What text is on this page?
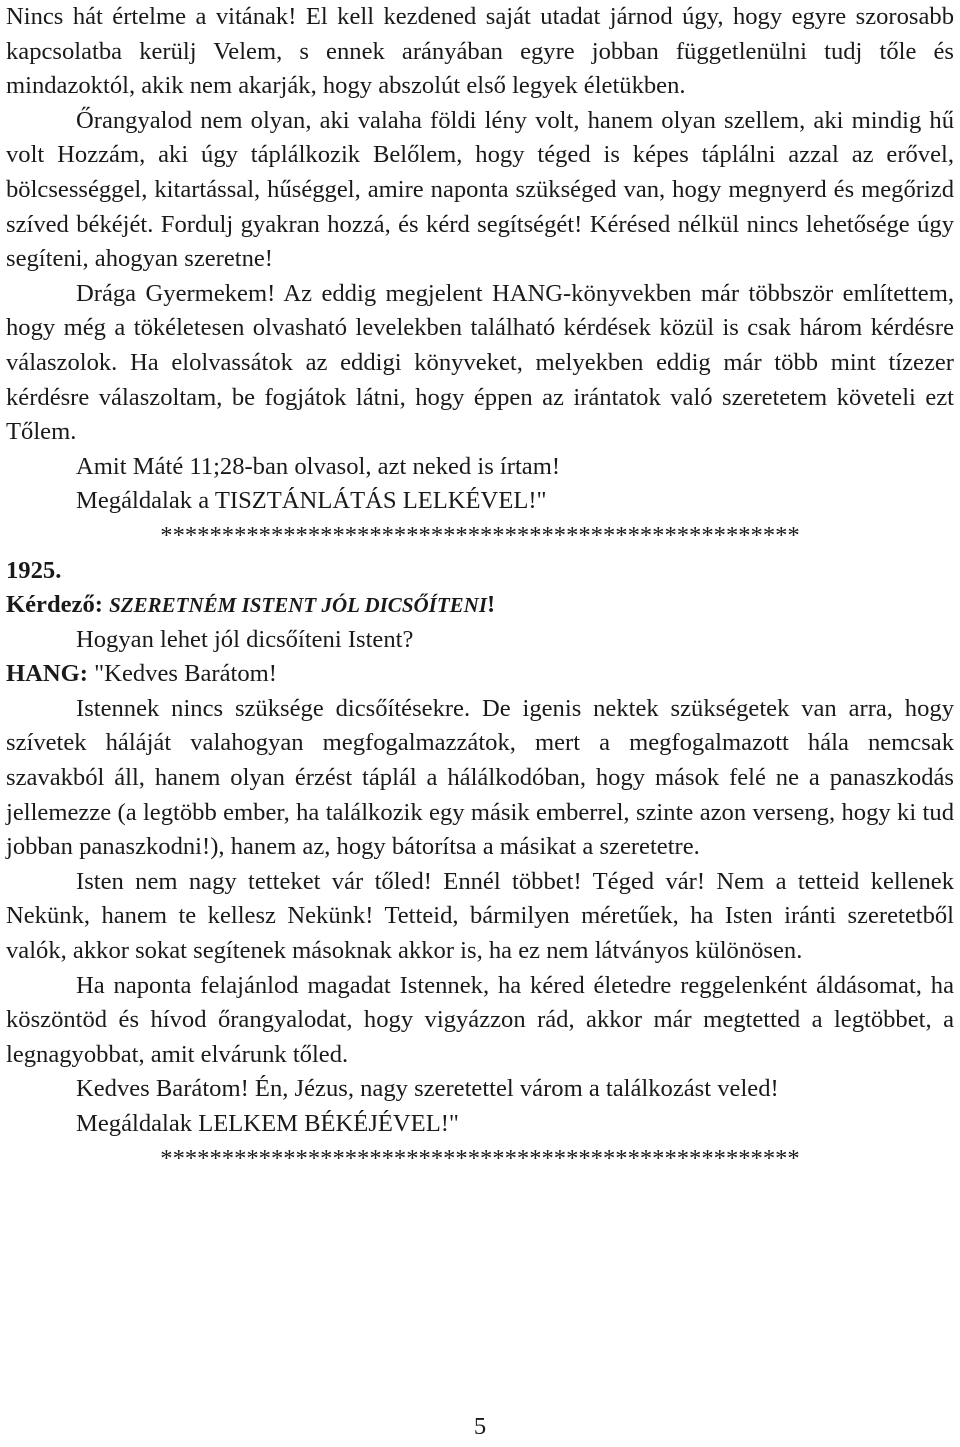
Nincs hát értelme a vitának! El kell kezdened saját utadat járnod úgy, hogy egyre szorosabb kapcsolatba kerülj Velem, s ennek arányában egyre jobban függetlenülni tudj tőle és mindazoktól, akik nem akarják, hogy abszolút első legyek életükben.

Őrangyalod nem olyan, aki valaha földi lény volt, hanem olyan szellem, aki mindig hű volt Hozzám, aki úgy táplálkozik Belőlem, hogy téged is képes táplálni azzal az erővel, bölcsességgel, kitartással, hűséggel, amire naponta szükséged van, hogy megnyerd és megőrizd szíved békéjét. Fordulj gyakran hozzá, és kérd segítségét! Kérésed nélkül nincs lehetősége úgy segíteni, ahogyan szeretne!

Drága Gyermekem! Az eddig megjelent HANG-könyvekben már többször említettem, hogy még a tökéletesen olvasható levelekben található kérdések közül is csak három kérdésre válaszolok. Ha elolvassátok az eddigi könyveket, melyekben eddig már több mint tízezer kérdésre válaszoltam, be fogjátok látni, hogy éppen az irántatok való szeretetem követeli ezt Tőlem.

Amit Máté 11;28-ban olvasol, azt neked is írtam!

Megáldalak a TISZTÁNLÁTÁS LELKÉVEL!"

****************************************************

1925.

Kérdező: SZERETNÉM ISTENT JÓL DICSŐÍTENI!

Hogyan lehet jól dicsőíteni Istent?

HANG: "Kedves Barátom!

Istennek nincs szüksége dicsőítésekre. De igenis nektek szükségetek van arra, hogy szívetek háláját valahogyan megfogalmazzátok, mert a megfogalmazott hála nemcsak szavakból áll, hanem olyan érzést táplál a hálálkodóban, hogy mások felé ne a panaszkodás jellemezze (a legtöbb ember, ha találkozik egy másik emberrel, szinte azon verseng, hogy ki tud jobban panaszkodni!), hanem az, hogy bátorítsa a másikat a szeretetre.

Isten nem nagy tetteket vár tőled! Ennél többet! Téged vár! Nem a tetteid kellenek Nekünk, hanem te kellesz Nekünk! Tetteid, bármilyen méretűek, ha Isten iránti szeretetből valók, akkor sokat segítenek másoknak akkor is, ha ez nem látványos különösen.

Ha naponta felajánlod magadat Istennek, ha kéred életedre reggelenként áldásomat, ha köszöntöd és hívod őrangyalodat, hogy vigyázzon rád, akkor már megtetted a legtöbbet, a legnagyobbat, amit elvárunk tőled.

Kedves Barátom! Én, Jézus, nagy szeretettel várom a találkozást veled!

Megáldalak LELKEM BÉKÉJÉVEL!"

****************************************************
5
